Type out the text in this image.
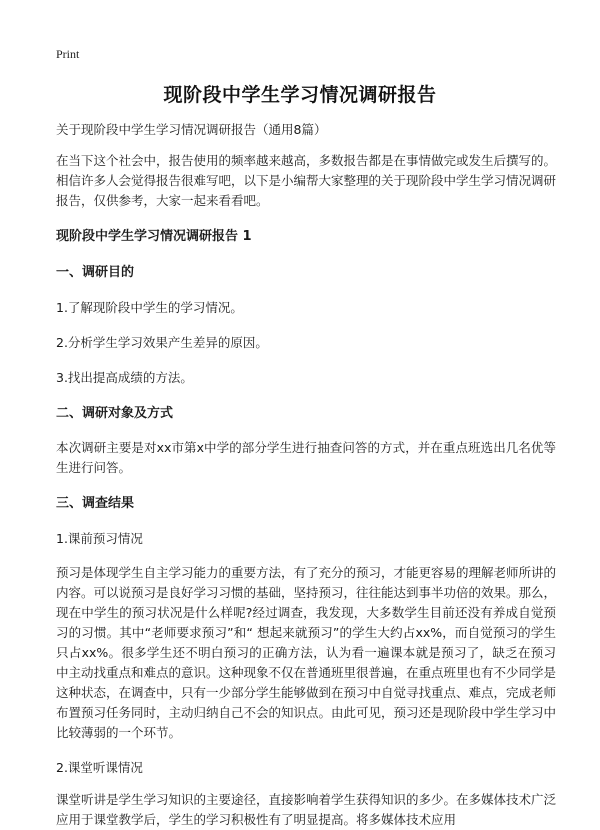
Print
现阶段中学生学习情况调研报告

关于现阶段中学生学习情况调研报告（通用8篇）

在当下这个社会中，报告使用的频率越来越高，多数报告都是在事情做完或发生后撰写的。相信许多人会觉得报告很难写吧，以下是小编帮大家整理的关于现阶段中学生学习情况调研报告，仅供参考，大家一起来看看吧。

现阶段中学生学习情况调研报告 1

一、调研目的

1.了解现阶段中学生的学习情况。

2.分析学生学习效果产生差异的原因。

3.找出提高成绩的方法。

二、调研对象及方式

本次调研主要是对xx市第x中学的部分学生进行抽查问答的方式，并在重点班选出几名优等生进行问答。

三、调查结果

1.课前预习情况

预习是体现学生自主学习能力的重要方法，有了充分的预习，才能更容易的理解老师所讲的内容。可以说预习是良好学习习惯的基础，坚持预习，往往能达到事半功倍的效果。那么，现在中学生的预习状况是什么样呢?经过调查，我发现，大多数学生目前还没有养成自觉预习的习惯。其中“老师要求预习”和“ 想起来就预习”的学生大约占xx%，而自觉预习的学生只占xx%。很多学生还不明白预习的正确方法，认为看一遍课本就是预习了，缺乏在预习中主动找重点和难点的意识。这种现象不仅在普通班里很普遍，在重点班里也有不少同学是这种状态，在调查中，只有一少部分学生能够做到在预习中自觉寻找重点、难点，完成老师布置预习任务同时，主动归纳自己不会的知识点。由此可见，预习还是现阶段中学生学习中比较薄弱的一个环节。

2.课堂听课情况

课堂听讲是学生学习知识的主要途径，直接影响着学生获得知识的多少。在多媒体技术广泛应用于课堂教学后，学生的学习积极性有了明显提高。将多媒体技术应用
